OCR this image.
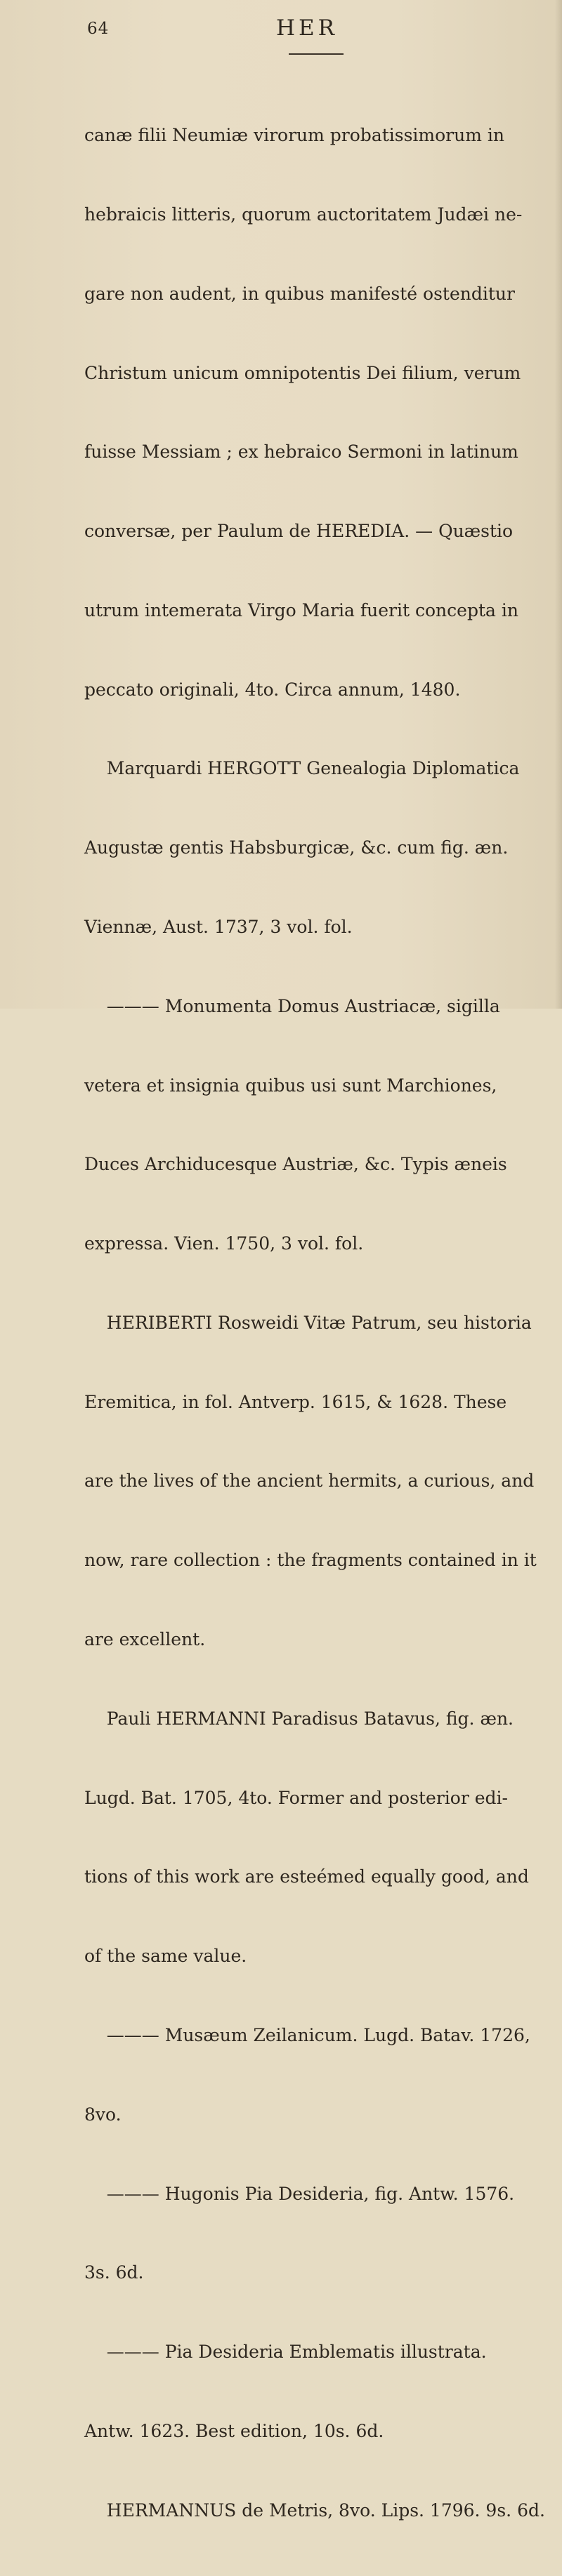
64	HER

canæ filii Neumiæ virorum probatissimorum in

hebraicis litteris, quorum auctoritatem Judæi ne-

gare non audent, in quibus manifesté ostenditur

Christum unicum omnipotentis Dei filium, verum

fuisse Messiam ; ex hebraico Sermoni in latinum

conversæ, per Paulum de HEREDIA. — Quæstio

utrum intemerata Virgo Maria fuerit concepta in

peccato originali, 4to. Circa annum, 1480.

Marquardi HERGOTT Genealogia Diplomatica

Augustæ gentis Habsburgicæ, &c. cum fig. æn.

Viennæ, Aust. 1737, 3 vol. fol.

——— Monumenta Domus Austriacæ, sigilla

vetera et insignia quibus usi sunt Marchiones,

Duces Archiducesque Austriæ, &c. Typis æneis

expressa. Vien. 1750, 3 vol. fol.

HERIBERTI Rosweidi Vitæ Patrum, seu historia

Eremitica, in fol. Antverp. 1615, & 1628. These

are the lives of the ancient hermits, a curious, and

now, rare collection : the fragments contained in it

are excellent.

Pauli HERMANNI Paradisus Batavus, fig. æn.

Lugd. Bat. 1705, 4to. Former and posterior edi-

tions of this work are esteémed equally good, and

of the same value.

——— Musæum Zeilanicum. Lugd. Batav. 1726,

8vo.

——— Hugonis Pia Desideria, fig. Antw. 1576.

3s. 6d.

——— Pia Desideria Emblematis illustrata.

Antw. 1623. Best edition, 10s. 6d.

HERMANNUS de Metris, 8vo. Lips. 1796. 9s. 6d.
